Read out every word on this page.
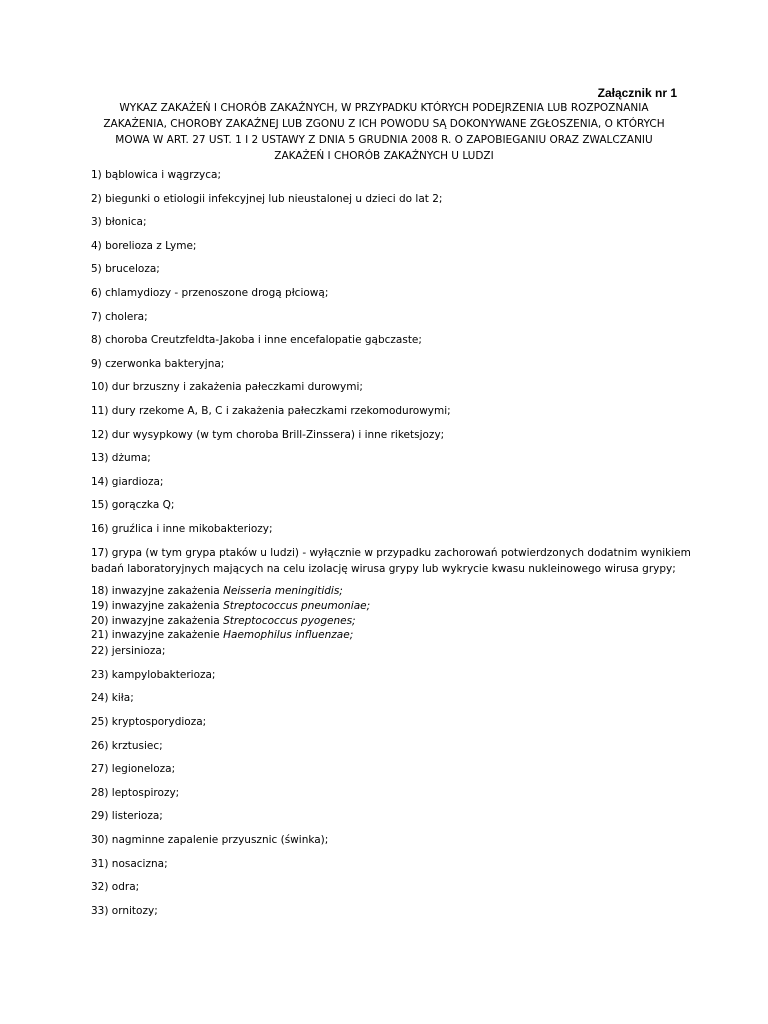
Załącznik nr 1
WYKAZ ZAKAŻEŃ I CHORÓB ZAKAŹNYCH, W PRZYPADKU KTÓRYCH PODEJRZENIA LUB ROZPOZNANIA
ZAKAŻENIA, CHOROBY ZAKAŹNEJ LUB ZGONU Z ICH POWODU SĄ DOKONYWANE ZGŁOSZENIA, O KTÓRYCH
MOWA W ART. 27 UST. 1 I 2 USTAWY Z DNIA 5 GRUDNIA 2008 R. O ZAPOBIEGANIU ORAZ ZWALCZANIU
ZAKAŻEŃ I CHORÓB ZAKAŹNYCH U LUDZI
1) bąblowica i wągrzyca;
2) biegunki o etiologii infekcyjnej lub nieustalonej u dzieci do lat 2;
3) błonica;
4) borelioza z Lyme;
5) bruceloza;
6) chlamydiozy - przenoszone drogą płciową;
7) cholera;
8) choroba Creutzfeldta-Jakoba i inne encefalopatie gąbczaste;
9) czerwonka bakteryjna;
10) dur brzuszny i zakażenia pałeczkami durowymi;
11) dury rzekome A, B, C i zakażenia pałeczkami rzekomodurowymi;
12) dur wysypkowy (w tym choroba Brill-Zinssera) i inne riketsjozy;
13) dżuma;
14) giardioza;
15) gorączka Q;
16) gruźlica i inne mikobakteriozy;
17) grypa (w tym grypa ptaków u ludzi) - wyłącznie w przypadku zachorowań potwierdzonych dodatnim wynikiem badań laboratoryjnych mających na celu izolację wirusa grypy lub wykrycie kwasu nukleinowego wirusa grypy;
18) inwazyjne zakażenia Neisseria meningitidis;
19) inwazyjne zakażenia Streptococcus pneumoniae;
20) inwazyjne zakażenia Streptococcus pyogenes;
21) inwazyjne zakażenie Haemophilus influenzae;
22) jersinioza;
23) kampylobakterioza;
24) kiła;
25) kryptosporydioza;
26) krztusiec;
27) legioneloza;
28) leptospirozy;
29) listerioza;
30) nagminne zapalenie przyusznic (świnka);
31) nosacizna;
32) odra;
33) ornitozy;
